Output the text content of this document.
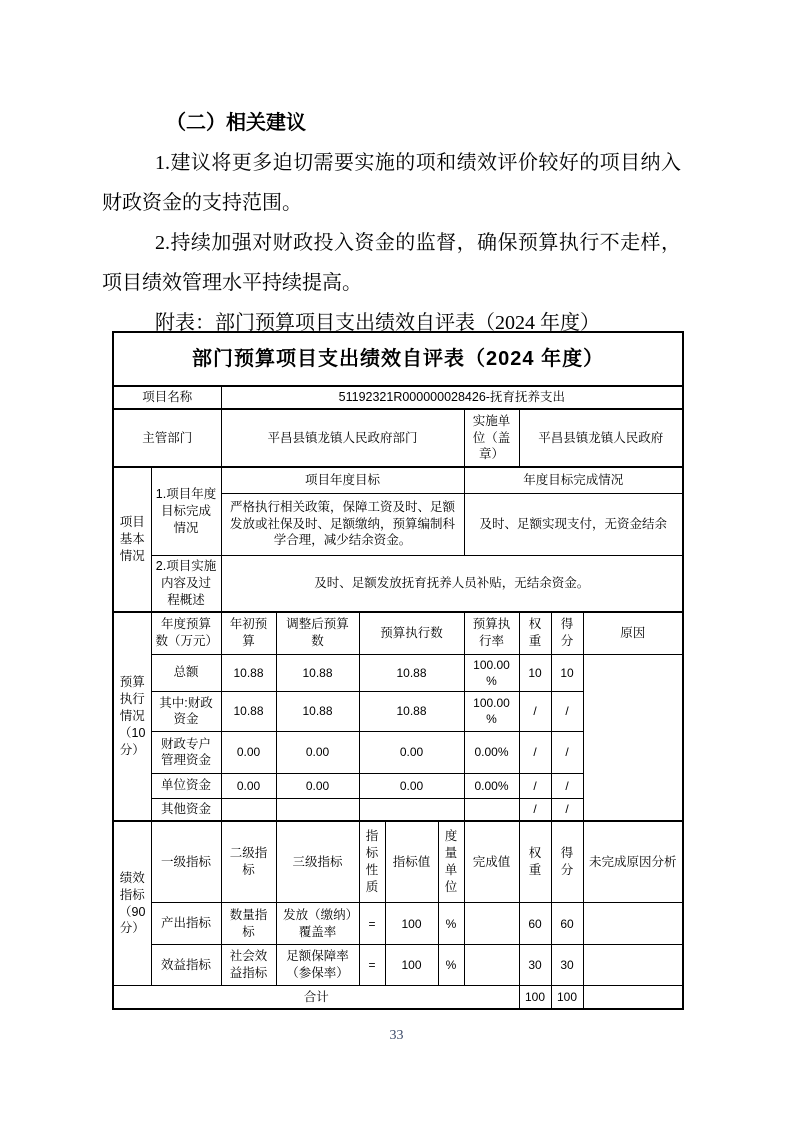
（二）相关建议

1.建议将更多迫切需要实施的项和绩效评价较好的项目纳入财政资金的支持范围。

2.持续加强对财政投入资金的监督，确保预算执行不走样，项目绩效管理水平持续提高。

附表：部门预算项目支出绩效自评表（2024 年度）

部门预算项目支出绩效自评表（2024 年度）										
项目名称		51192321R000000028426-抚育抚养支出								
主管部门		平昌县镇龙镇人民政府部门					实施单位（盖章）	平昌县镇龙镇人民政府		
项目基本情况	1.项目年度目标完成情况	项目年度目标					年度目标完成情况			
		严格执行相关政策，保障工资及时、足额发放或社保及时、足额缴纳，预算编制科学合理，减少结余资金。					及时、足额实现支付，无资金结余			
	2.项目实施内容及过程概述	及时、足额发放抚育抚养人员补贴，无结余资金。								
预算执行情况（10分）	年度预算数（万元）	年初预算	调整后预算数	预算执行数			预算执行率	权重	得分	原因
	总额	10.88	10.88	10.88			100.00%	10	10	
	其中:财政资金	10.88	10.88	10.88			100.00%	/	/	
	财政专户管理资金	0.00	0.00	0.00			0.00%	/	/	
	单位资金	0.00	0.00	0.00			0.00%	/	/	
	其他资金							/	/	
绩效指标（90分）	一级指标	二级指标	三级指标	指标性质	指标值	度量单位	完成值	权重	得分	未完成原因分析
	产出指标	数量指标	发放（缴纳）覆盖率	=	100	%		60	60	
	效益指标	社会效益指标	足额保障率（参保率）	=	100	%		30	30	
合计								100	100	
33
